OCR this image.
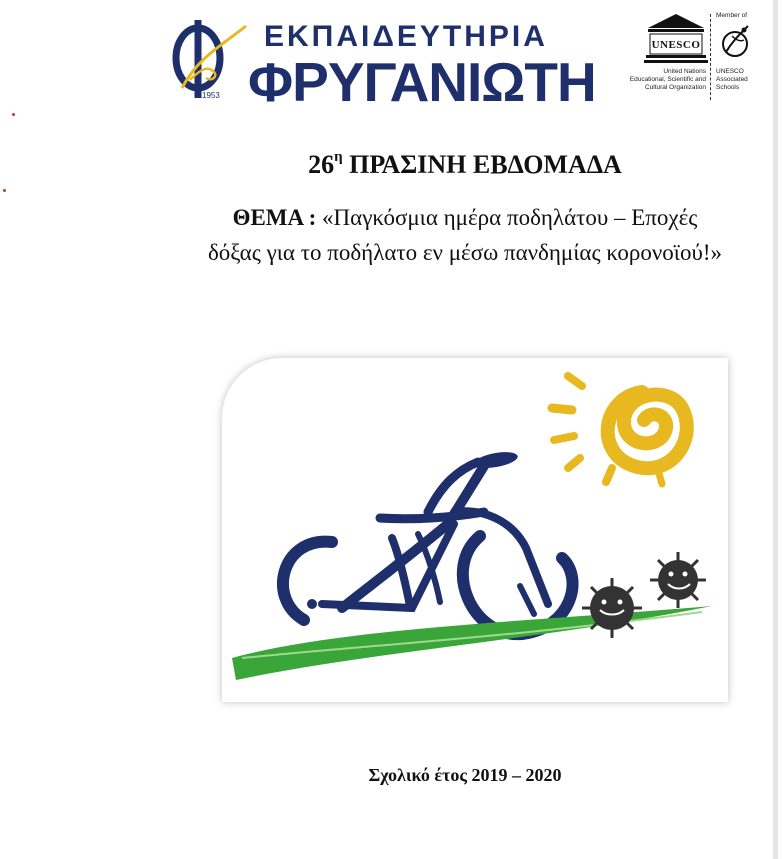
1953
ΕΚΠΑΙΔΕΥΤΗΡΙΑ
ΦΡΥΓΑΝΙΩΤΗ
UNESCO
United Nations
Educational, Scientific and
Cultural Organization
Member of
UNESCO
Associated
Schools
$26^\eta$ ΠΡΑΣΙΝΗ ΕΒΔΟΜΑΔΑ
ΘΕΜΑ : «Παγκόσμια ημέρα ποδηλάτου – Εποχές δόξας για το ποδήλατο εν μέσω πανδημίας κορονοϊού!»
Σχολικό έτος 2019 – 2020
